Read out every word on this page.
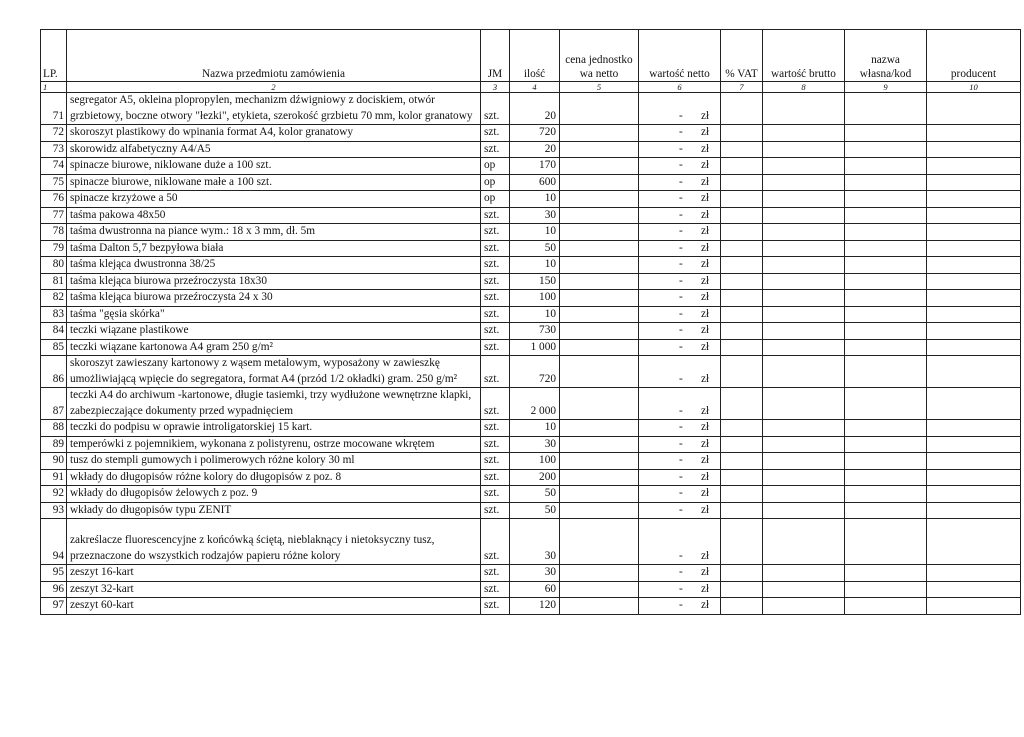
LP.	Nazwa przedmiotu zamówienia	JM	ilość	cena jednostko wa netto	wartość netto	% VAT	wartość brutto	nazwa własna/kod	producent
1	2	3	4	5	6	7	8	9	10
71	segregator A5, okleina plopropylen, mechanizm dźwigniowy z dociskiem, otwór grzbietowy, boczne otwory "łezki", etykieta, szerokość grzbietu 70 mm, kolor granatowy	szt.	20		- zł				
72	skoroszyt plastikowy do wpinania format A4, kolor granatowy	szt.	720		- zł				
73	skorowidz alfabetyczny A4/A5	szt.	20		- zł				
74	spinacze biurowe, niklowane duże a 100 szt.	op	170		- zł				
75	spinacze biurowe, niklowane małe a 100 szt.	op	600		- zł				
76	spinacze krzyżowe a 50	op	10		- zł				
77	taśma pakowa 48x50	szt.	30		- zł				
78	taśma dwustronna na piance wym.: 18 x 3 mm, dł. 5m	szt.	10		- zł				
79	taśma Dalton 5,7 bezpyłowa biała	szt.	50		- zł				
80	taśma klejąca dwustronna 38/25	szt.	10		- zł				
81	taśma klejąca biurowa przeźroczysta 18x30	szt.	150		- zł				
82	taśma klejąca biurowa przeźroczysta 24 x 30	szt.	100		- zł				
83	taśma "gęsia skórka"	szt.	10		- zł				
84	teczki wiązane plastikowe	szt.	730		- zł				
85	teczki wiązane kartonowa A4 gram 250 g/m²	szt.	1 000		- zł				
86	skoroszyt zawieszany kartonowy z wąsem metalowym, wyposażony w zawieszkę umożliwiającą wpięcie do segregatora, format A4 (przód 1/2 okładki) gram. 250 g/m²	szt.	720		- zł				
87	teczki A4 do archiwum -kartonowe, długie tasiemki, trzy wydłużone wewnętrzne klapki, zabezpieczające dokumenty przed wypadnięciem	szt.	2 000		- zł				
88	teczki do podpisu w oprawie introligatorskiej 15 kart.	szt.	10		- zł				
89	temperówki z pojemnikiem, wykonana z polistyrenu, ostrze mocowane wkrętem	szt.	30		- zł				
90	tusz do stempli gumowych i polimerowych różne kolory 30 ml	szt.	100		- zł				
91	wkłady do długopisów różne kolory do długopisów z poz. 8	szt.	200		- zł				
92	wkłady do długopisów żelowych z poz. 9	szt.	50		- zł				
93	wkłady do długopisów typu ZENIT	szt.	50		- zł				
94	zakreślacze fluorescencyjne z końcówką ściętą, nieblaknący i nietoksyczny tusz, przeznaczone do wszystkich rodzajów papieru różne kolory	szt.	30		- zł				
95	zeszyt 16-kart	szt.	30		- zł				
96	zeszyt 32-kart	szt.	60		- zł				
97	zeszyt 60-kart	szt.	120		- zł				
